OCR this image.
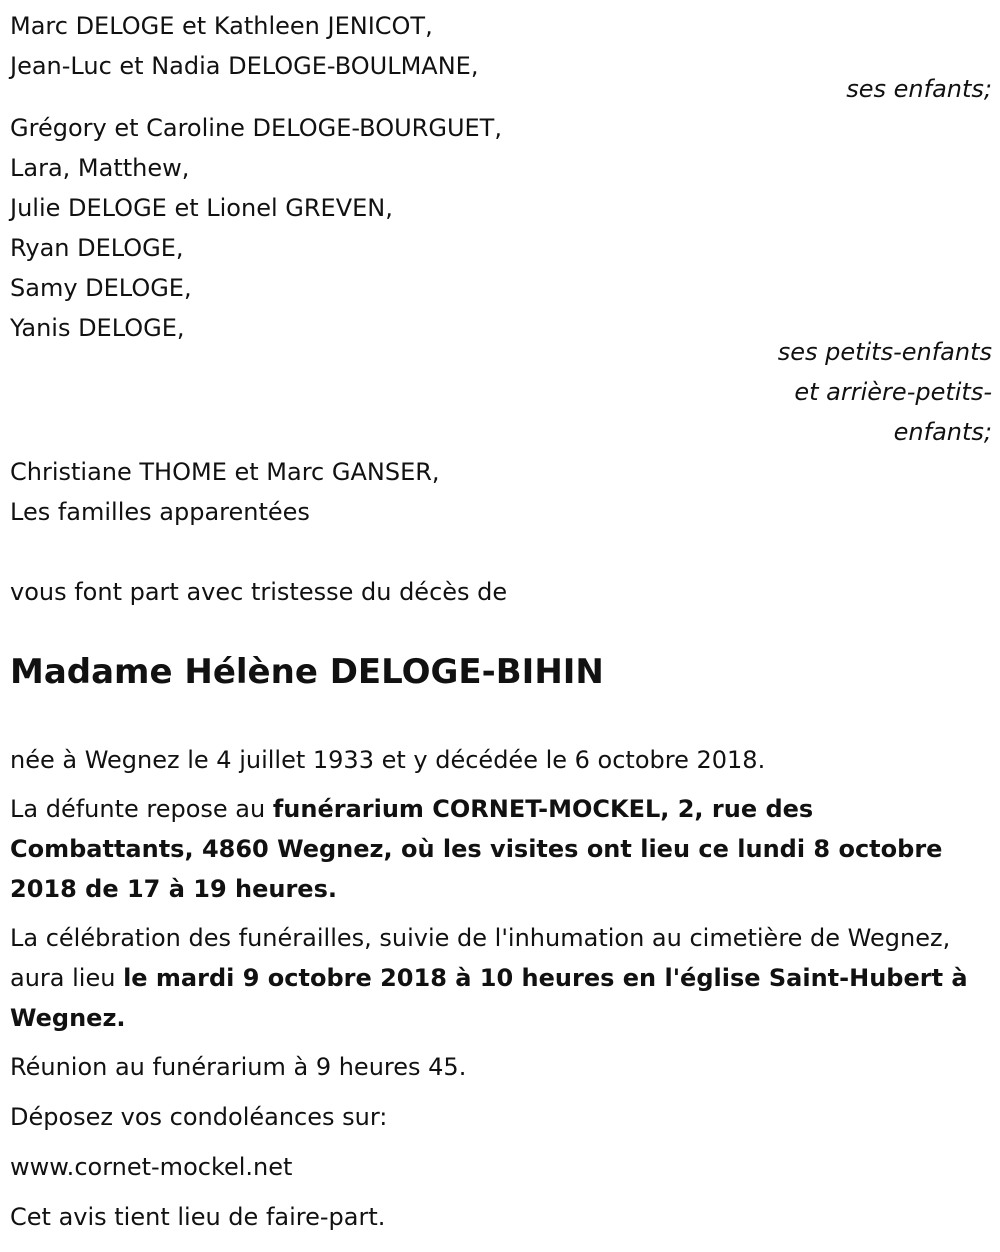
Marc DELOGE et Kathleen JENICOT,
Jean-Luc et Nadia DELOGE-BOULMANE,
ses enfants;
Grégory et Caroline DELOGE-BOURGUET,
Lara, Matthew,
Julie DELOGE et Lionel GREVEN,
Ryan DELOGE,
Samy DELOGE,
Yanis DELOGE,
ses petits-enfants
et arrière-petits-
enfants;
Christiane THOME et Marc GANSER,
Les familles apparentées
vous font part avec tristesse du décès de
Madame Hélène DELOGE-BIHIN
née à Wegnez le 4 juillet 1933 et y décédée le 6 octobre 2018.
La défunte repose au funérarium CORNET-MOCKEL, 2, rue des Combattants, 4860 Wegnez, où les visites ont lieu ce lundi 8 octobre 2018 de 17 à 19 heures.
La célébration des funérailles, suivie de l'inhumation au cimetière de Wegnez, aura lieu le mardi 9 octobre 2018 à 10 heures en l'église Saint-Hubert à Wegnez.
Réunion au funérarium à 9 heures 45.
Déposez vos condoléances sur:
www.cornet-mockel.net
Cet avis tient lieu de faire-part.
